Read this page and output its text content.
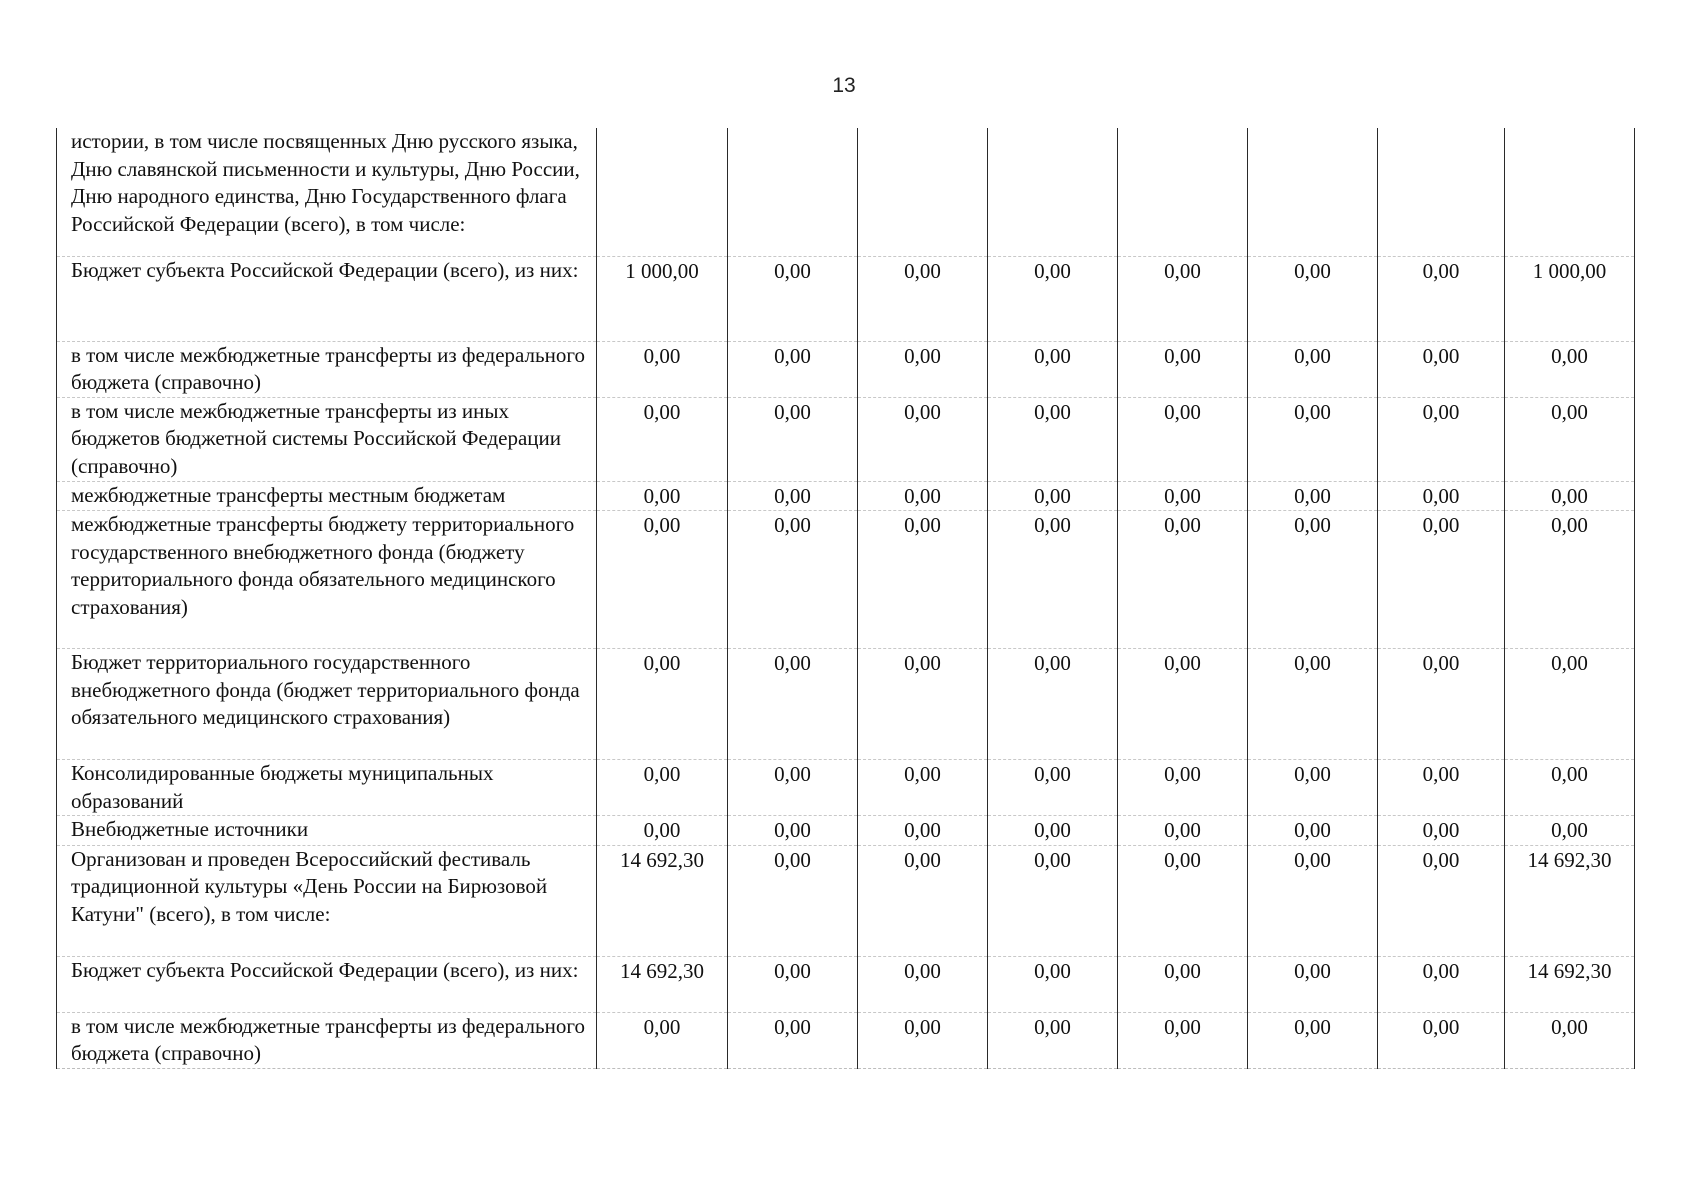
13
истории, в том числе посвященных Дню русского языка, Дню славянской письменности и культуры, Дню России, Дню народного единства, Дню Государственного флага Российской Федерации (всего), в том числе:								
Бюджет субъекта Российской Федерации (всего), из них:	1 000,00	0,00	0,00	0,00	0,00	0,00	0,00	1 000,00
в том числе межбюджетные трансферты из федерального бюджета (справочно)	0,00	0,00	0,00	0,00	0,00	0,00	0,00	0,00
в том числе межбюджетные трансферты из иных бюджетов бюджетной системы Российской Федерации (справочно)	0,00	0,00	0,00	0,00	0,00	0,00	0,00	0,00
межбюджетные трансферты местным бюджетам	0,00	0,00	0,00	0,00	0,00	0,00	0,00	0,00
межбюджетные трансферты бюджету территориального государственного внебюджетного фонда (бюджету территориального фонда обязательного медицинского страхования)	0,00	0,00	0,00	0,00	0,00	0,00	0,00	0,00
Бюджет территориального государственного внебюджетного фонда (бюджет территориального фонда обязательного медицинского страхования)	0,00	0,00	0,00	0,00	0,00	0,00	0,00	0,00
Консолидированные бюджеты муниципальных образований	0,00	0,00	0,00	0,00	0,00	0,00	0,00	0,00
Внебюджетные источники	0,00	0,00	0,00	0,00	0,00	0,00	0,00	0,00
Организован и проведен Всероссийский фестиваль традиционной культуры «День России на Бирюзовой Катуни" (всего), в том числе:	14 692,30	0,00	0,00	0,00	0,00	0,00	0,00	14 692,30
Бюджет субъекта Российской Федерации (всего), из них:	14 692,30	0,00	0,00	0,00	0,00	0,00	0,00	14 692,30
в том числе межбюджетные трансферты из федерального бюджета (справочно)	0,00	0,00	0,00	0,00	0,00	0,00	0,00	0,00
